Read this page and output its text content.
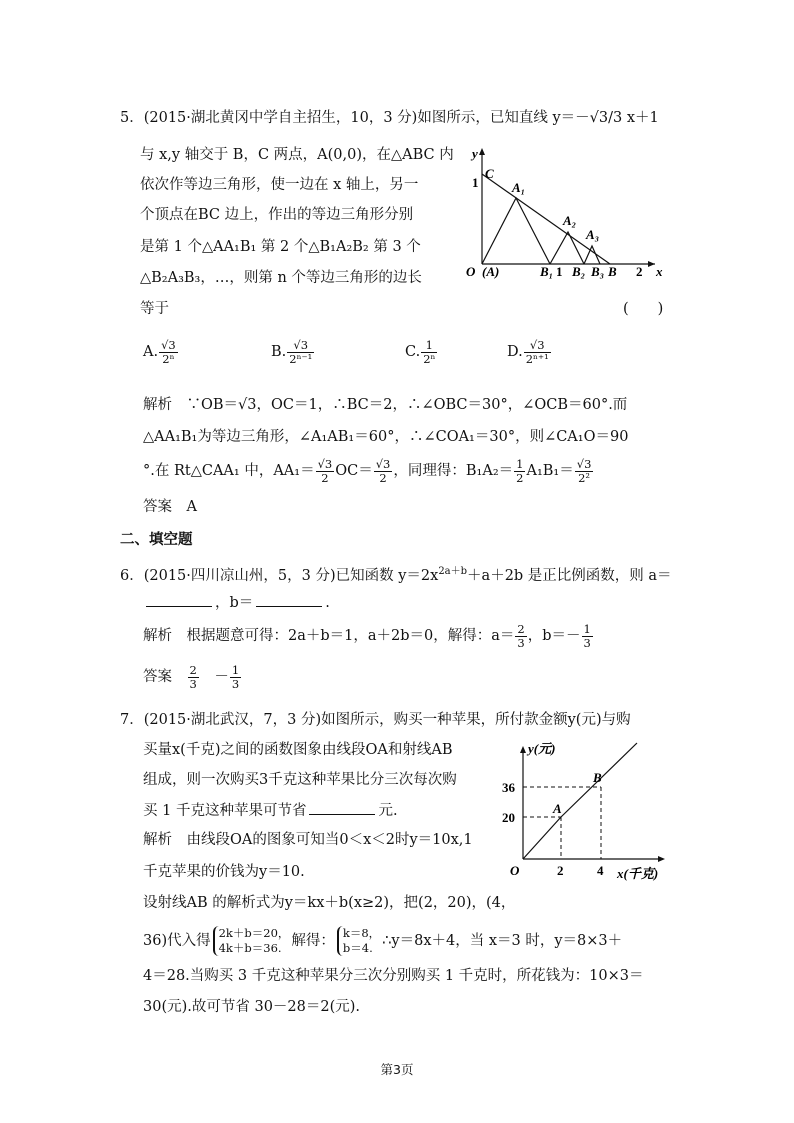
5．(2015·湖北黄冈中学自主招生，10，3 分)如图所示，已知直线 y＝－√3/3 x＋1
与 x,y 轴交于 B，C 两点，A(0,0)，在△ABC 内
依次作等边三角形，使一边在 x 轴上，另一
个顶点在BC 边上，作出的等边三角形分别
是第 1 个△AA₁B₁ 第 2 个△B₁A₂B₂ 第 3 个
△B₂A₃B₃，…，则第 n 个等边三角形的边长
等于	(　　)
y
1
C
A₁
A₂
A₃
O (A)	B₁ 1 B₂ B₃ B 2 x
A. $\frac{√3}{\text{2ⁿ}}$	B. $\frac{√3}{\text{2ⁿ⁻¹}}$	C. $\frac{1}{\text{2ⁿ}}$	D. $\frac{√3}{\text{2ⁿ⁺¹}}$
解析　∵OB＝√3，OC＝1，∴BC＝2，∴∠OBC＝30°，∠OCB＝60°.而
△AA₁B₁为等边三角形，∠A₁AB₁＝60°，∴∠COA₁＝30°，则∠CA₁O＝90
°.在 Rt△CAA₁ 中，$AA_1= \frac{√3}{2} OC= \frac{√3}{2}$ ，同理得：$B_1A_2= \frac{1}{2} A_1B_1= \frac{√3}{\text{2²}}$
答案　A
二、填空题
6．(2015·四川凉山州，5，3 分)已知函数 $y=2x^{2a+b}+a+2b$ 是正比例函数，则 a＝
，b＝	.
解析　根据题意可得：2a＋b＝1，a＋2b＝0，解得：$a= \frac{2}{3}$ ，$b=- \frac{1}{3}$
答案  $\frac{2}{3}$
  － $\frac{1}{3}$
7．(2015·湖北武汉，7，3 分)如图所示，购买一种苹果，所付款金额y(元)与购
买量x(千克)之间的函数图象由线段OA和射线AB
组成，则一次购买3千克这种苹果比分三次每次购
买 1 千克这种苹果可节省	元.
解析　由线段OA的图象可知当0＜x＜2时y＝10x,1
千克苹果的价钱为y＝10.
y(元)
36
20
O	2	4 x(千克)
A
B
设射线AB 的解析式为y＝kx＋b(x≥2)，把(2，20)，(4，
36)代入得 2k＋b＝20，
4k＋b＝36. 解得： k＝8，
b＝4. ∴y＝8x＋4，当 x＝3 时，y＝8×3＋
4＝28.当购买 3 千克这种苹果分三次分别购买 1 千克时，所花钱为：10×3＝
30(元).故可节省 30－28＝2(元).
第3页
